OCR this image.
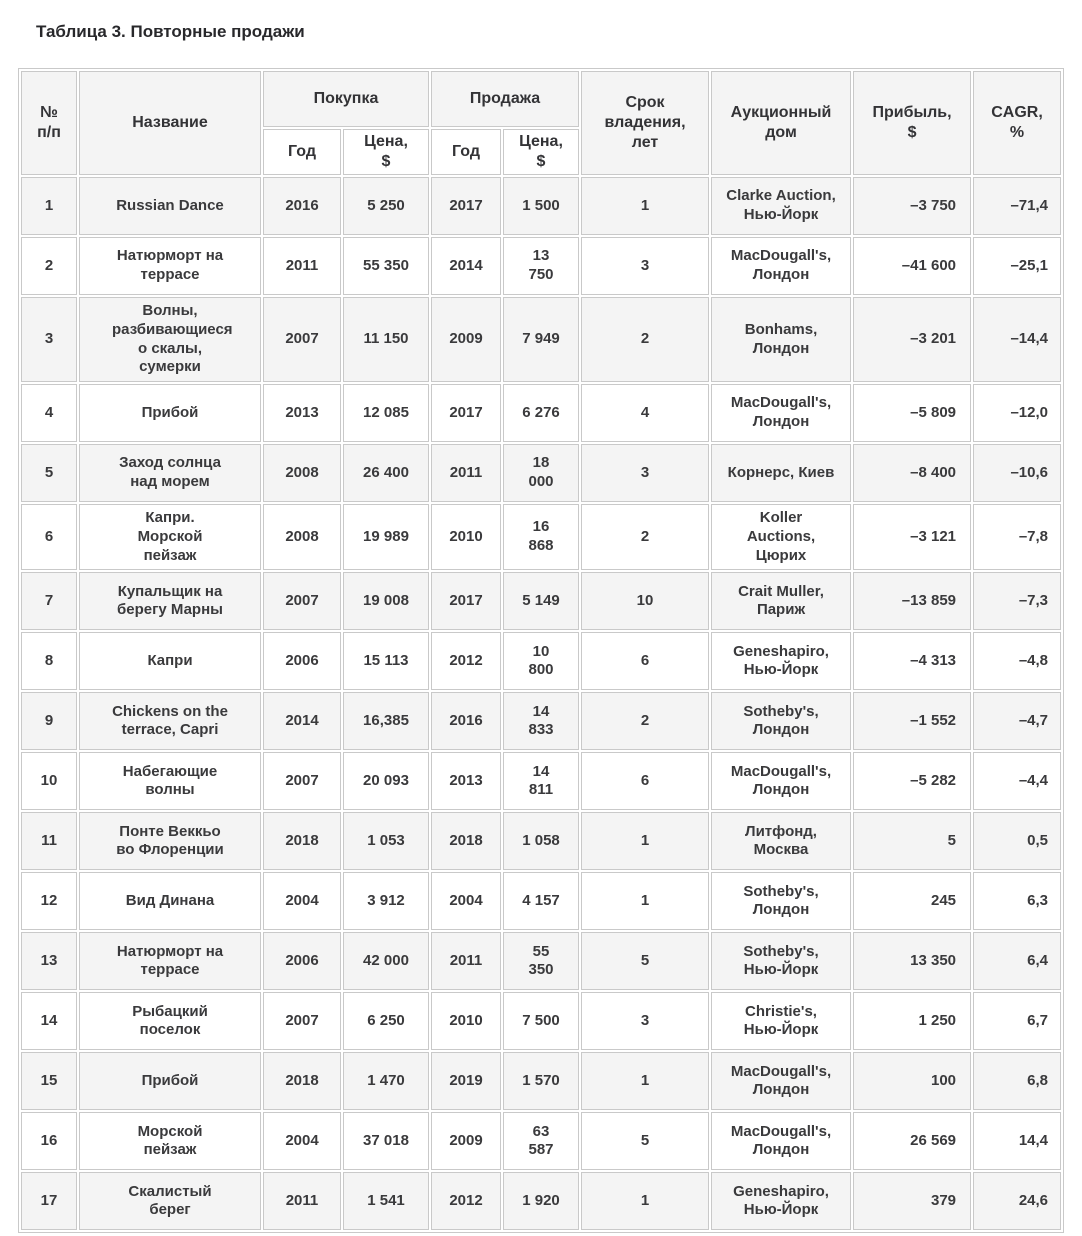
Таблица 3. Повторные продажи
№ п/п	Название	Покупка		Продажа		Срок владения, лет	Аукционный дом	Прибыль, $	CAGR, %
		Год	Цена, $	Год	Цена, $				
1	Russian Dance	2016	5 250	2017	1 500	1	Clarke Auction, Нью-Йорк	–3 750	–71,4
2	Натюрморт на террасе	2011	55 350	2014	13 750	3	MacDougall's, Лондон	–41 600	–25,1
3	Волны, разбивающиеся о скалы, сумерки	2007	11 150	2009	7 949	2	Bonhams, Лондон	–3 201	–14,4
4	Прибой	2013	12 085	2017	6 276	4	MacDougall's, Лондон	–5 809	–12,0
5	Заход солнца над морем	2008	26 400	2011	18 000	3	Корнерс, Киев	–8 400	–10,6
6	Капри. Морской пейзаж	2008	19 989	2010	16 868	2	Koller Auctions, Цюрих	–3 121	–7,8
7	Купальщик на берегу Марны	2007	19 008	2017	5 149	10	Crait Muller, Париж	–13 859	–7,3
8	Капри	2006	15 113	2012	10 800	6	Geneshapiro, Нью-Йорк	–4 313	–4,8
9	Chickens on the terrace, Capri	2014	16,385	2016	14 833	2	Sotheby's, Лондон	–1 552	–4,7
10	Набегающие волны	2007	20 093	2013	14 811	6	MacDougall's, Лондон	–5 282	–4,4
11	Понте Веккьо во Флоренции	2018	1 053	2018	1 058	1	Литфонд, Москва	5	0,5
12	Вид Динана	2004	3 912	2004	4 157	1	Sotheby's, Лондон	245	6,3
13	Натюрморт на террасе	2006	42 000	2011	55 350	5	Sotheby's, Нью-Йорк	13 350	6,4
14	Рыбацкий поселок	2007	6 250	2010	7 500	3	Christie's, Нью-Йорк	1 250	6,7
15	Прибой	2018	1 470	2019	1 570	1	MacDougall's, Лондон	100	6,8
16	Морской пейзаж	2004	37 018	2009	63 587	5	MacDougall's, Лондон	26 569	14,4
17	Скалистый берег	2011	1 541	2012	1 920	1	Geneshapiro, Нью-Йорк	379	24,6
